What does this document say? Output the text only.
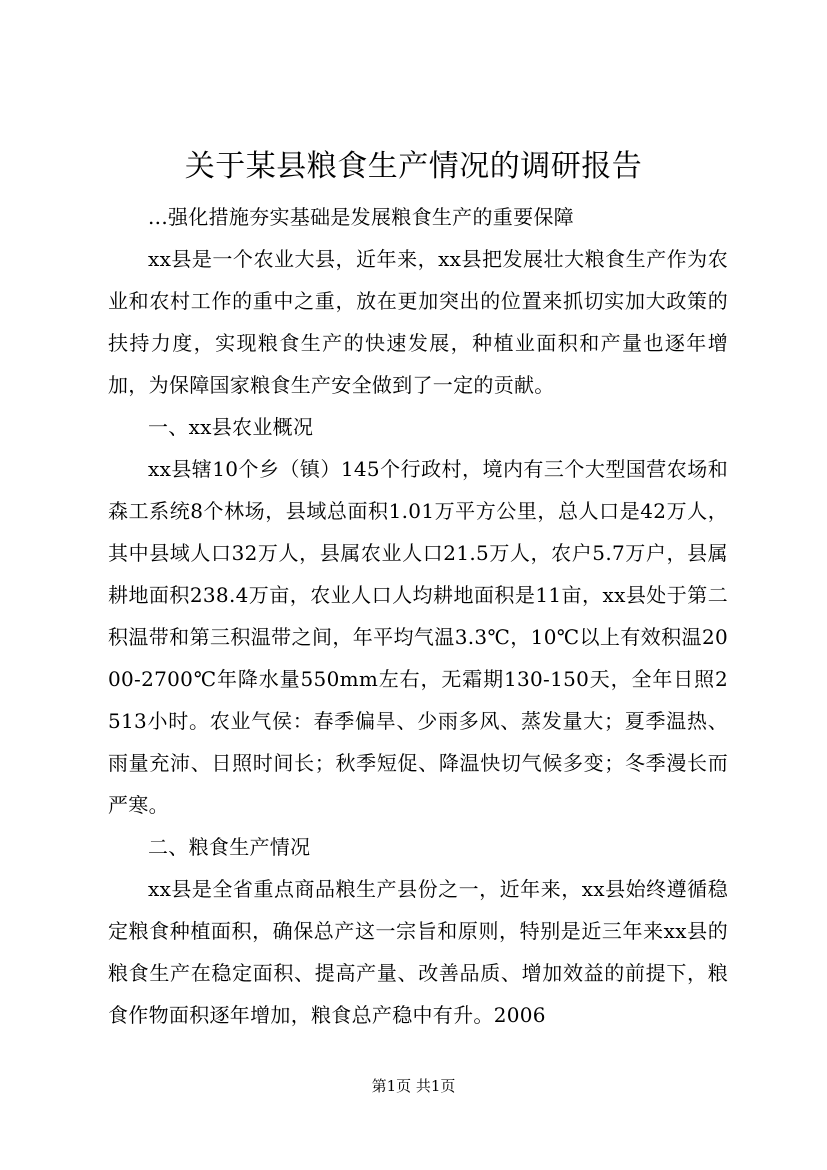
关于某县粮食生产情况的调研报告

...强化措施夯实基础是发展粮食生产的重要保障

xx县是一个农业大县，近年来，xx县把发展壮大粮食生产作为农业和农村工作的重中之重，放在更加突出的位置来抓切实加大政策的扶持力度，实现粮食生产的快速发展，种植业面积和产量也逐年增加，为保障国家粮食生产安全做到了一定的贡献。

一、xx县农业概况

xx县辖10个乡（镇）145个行政村，境内有三个大型国营农场和森工系统8个林场，县域总面积1.01万平方公里，总人口是42万人，其中县域人口32万人，县属农业人口21.5万人，农户5.7万户，县属耕地面积238.4万亩，农业人口人均耕地面积是11亩，xx县处于第二积温带和第三积温带之间，年平均气温3.3℃，10℃以上有效积温2000-2700℃年降水量550mm左右，无霜期130-150天，全年日照2513小时。农业气侯：春季偏旱、少雨多风、蒸发量大；夏季温热、雨量充沛、日照时间长；秋季短促、降温快切气候多变；冬季漫长而严寒。

二、粮食生产情况

xx县是全省重点商品粮生产县份之一，近年来，xx县始终遵循稳定粮食种植面积，确保总产这一宗旨和原则，特别是近三年来xx县的粮食生产在稳定面积、提高产量、改善品质、增加效益的前提下，粮食作物面积逐年增加，粮食总产稳中有升。2006

第1页 共1页
